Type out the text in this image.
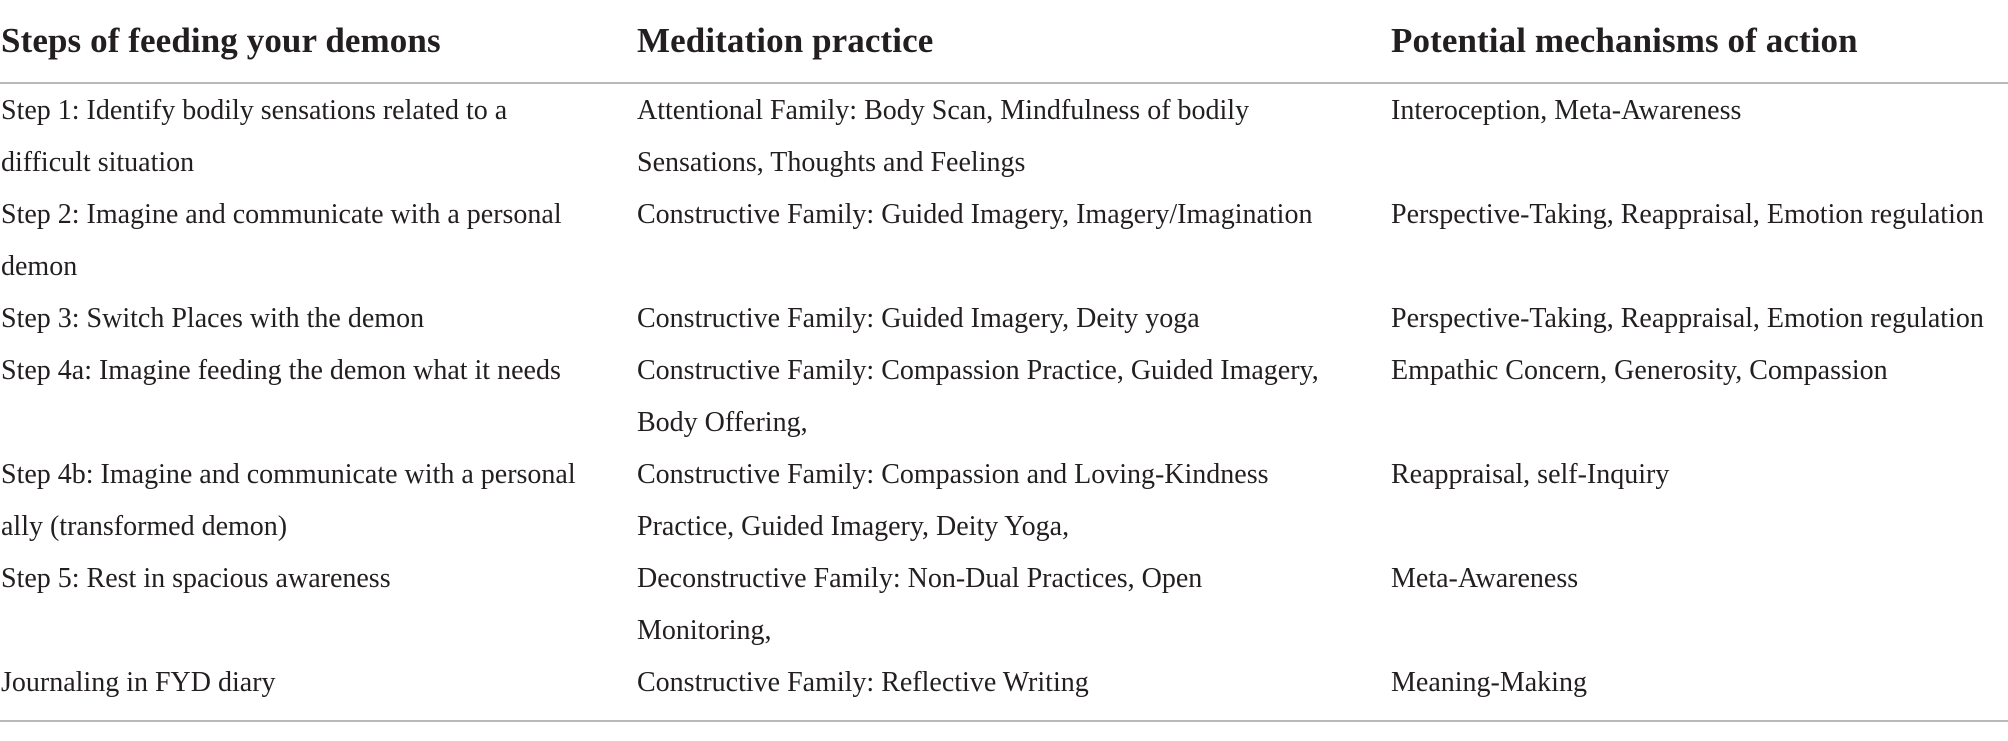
Steps of feeding your demons	Meditation practice	Potential mechanisms of action
Step 1: Identify bodily sensations related to a difficult situation	Attentional Family: Body Scan, Mindfulness of bodily Sensations, Thoughts and Feelings	Interoception, Meta-Awareness
Step 2: Imagine and communicate with a personal demon	Constructive Family: Guided Imagery, Imagery/Imagination	Perspective-Taking, Reappraisal, Emotion regulation
Step 3: Switch Places with the demon	Constructive Family: Guided Imagery, Deity yoga	Perspective-Taking, Reappraisal, Emotion regulation
Step 4a: Imagine feeding the demon what it needs	Constructive Family: Compassion Practice, Guided Imagery, Body Offering,	Empathic Concern, Generosity, Compassion
Step 4b: Imagine and communicate with a personal ally (transformed demon)	Constructive Family: Compassion and Loving-Kindness Practice, Guided Imagery, Deity Yoga,	Reappraisal, self-Inquiry
Step 5: Rest in spacious awareness	Deconstructive Family: Non-Dual Practices, Open Monitoring,	Meta-Awareness
Journaling in FYD diary	Constructive Family: Reflective Writing	Meaning-Making
